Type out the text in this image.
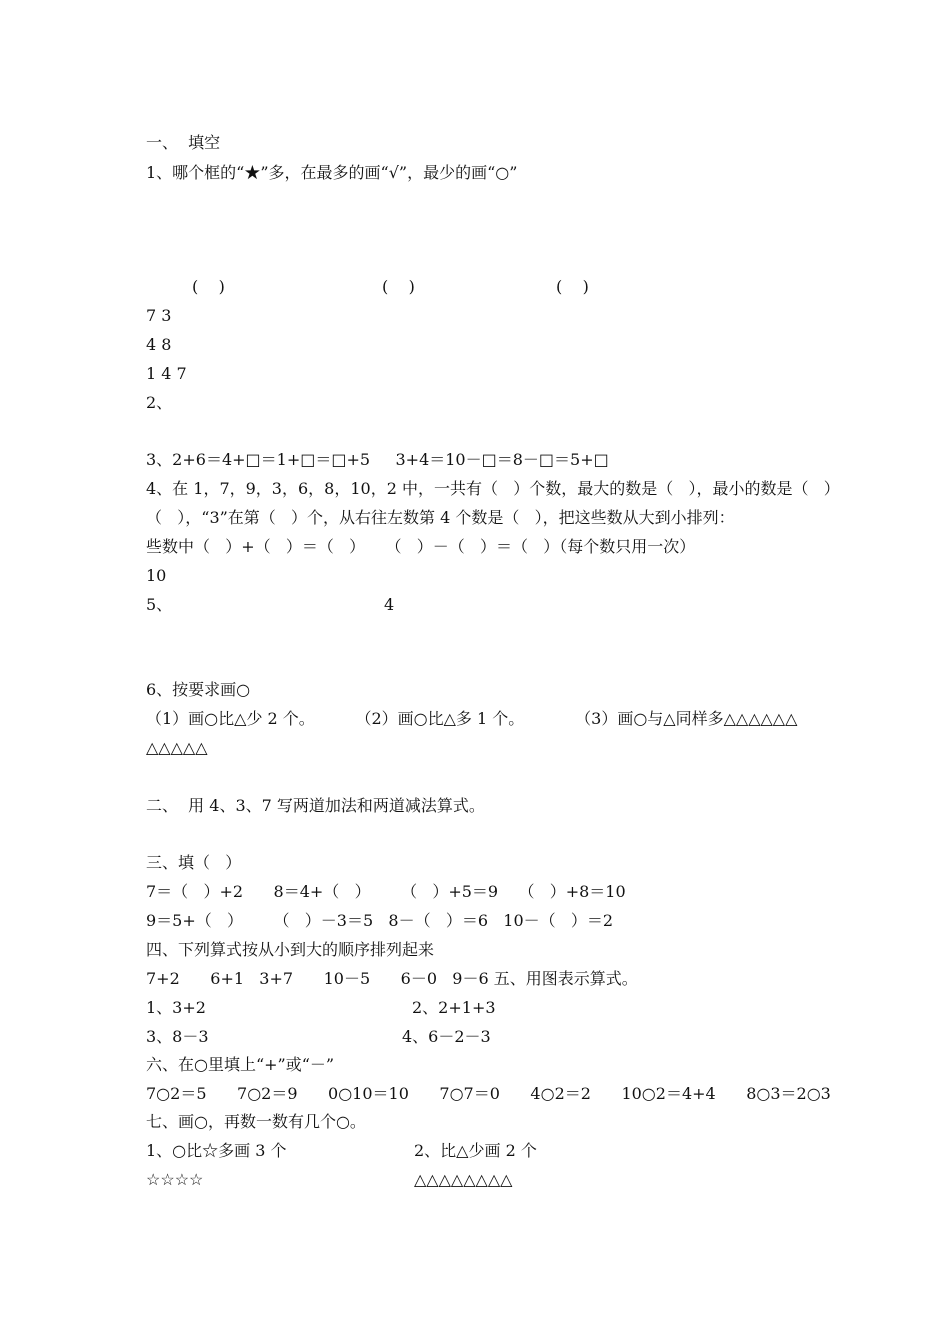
一、  填空
1、哪个框的“★”多，在最多的画“√”，最少的画“○”
(    )	(    )	(    )
7 3
4 8
1 4 7
2、
3、2+6＝4+□＝1+□＝□+5     3+4＝10－□＝8－□＝5+□
4、在 1，7，9，3，6，8，10，2 中，一共有（   ）个数，最大的数是（   ），最小的数是（   ）
（   ），“3”在第（   ）个，从右往左数第 4 个数是（   ），把这些数从大到小排列：
些数中（   ）+（   ）＝（   ）    （   ）－（   ）＝（   ）（每个数只用一次）
10
5、	4
6、按要求画○
（1）画○比△少 2 个。        （2）画○比△多 1 个。          （3）画○与△同样多△△△△△△
△△△△△
二、  用 4、3、7 写两道加法和两道减法算式。
三、填（   ）
7＝（   ）+2      8＝4+（   ）      （   ）+5＝9    （   ）+8＝10
9＝5+（   ）      （   ）－3＝5   8－（   ）＝6   10－（   ）＝2
四、下列算式按从小到大的顺序排列起来
7+2      6+1   3+7      10－5      6－0   9－6 五、用图表示算式。
1、3+2	2、2+1+3
3、8－3	4、6－2－3
六、在○里填上“+”或“－”
7○2＝5      7○2＝9      0○10＝10      7○7＝0      4○2＝2      10○2＝4+4      8○3＝2○3
七、画○，再数一数有几个○。
1、○比☆多画 3 个	2、比△少画 2 个
☆☆☆☆	△△△△△△△△
